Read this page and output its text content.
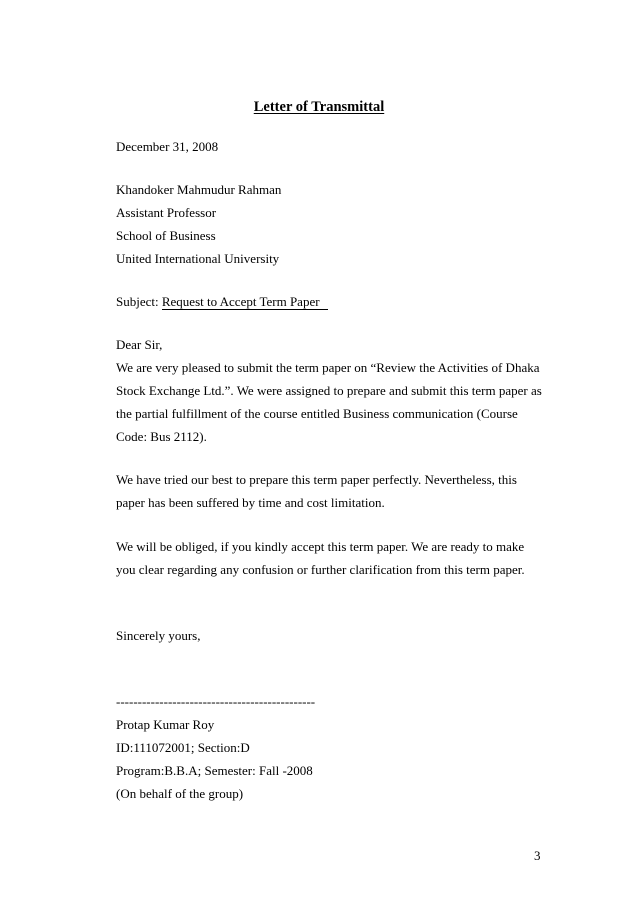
Letter of Transmittal
December 31, 2008
Khandoker Mahmudur Rahman
Assistant Professor
School of Business
United International University
Subject: Request to Accept Term Paper
Dear Sir,
We are very pleased to submit the term paper on “Review the Activities of Dhaka
Stock Exchange Ltd.”. We were assigned to prepare and submit this term paper as
the partial fulfillment of the course entitled Business communication (Course
Code: Bus 2112).
We have tried our best to prepare this term paper perfectly. Nevertheless, this
paper has been suffered by time and cost limitation.
We will be obliged, if you kindly accept this term paper. We are ready to make
you clear regarding any confusion or further clarification from this term paper.
Sincerely yours,
----------------------------------------------
Protap Kumar Roy
ID:111072001; Section:D
Program:B.B.A; Semester: Fall -2008
(On behalf of the group)
3
